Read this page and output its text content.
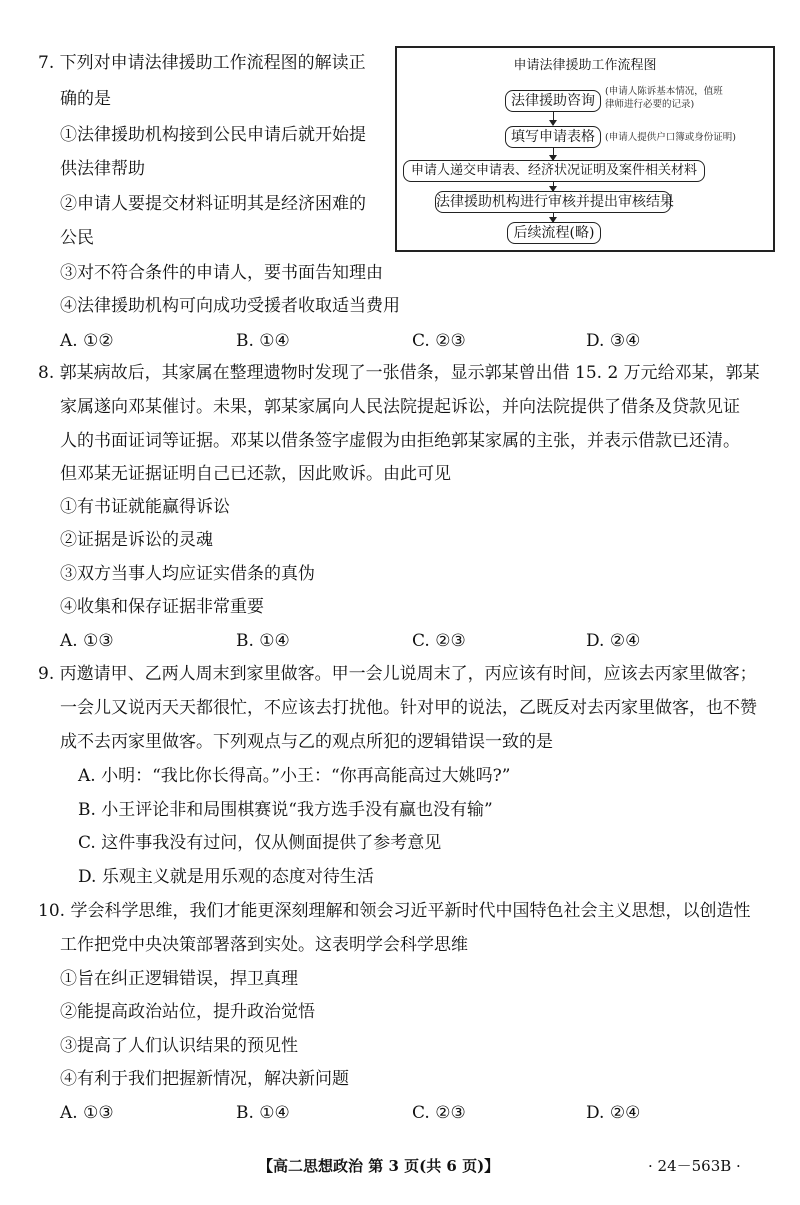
7. 下列对申请法律援助工作流程图的解读正
确的是
①法律援助机构接到公民申请后就开始提
供法律帮助
②申请人要提交材料证明其是经济困难的
公民
③对不符合条件的申请人，要书面告知理由
④法律援助机构可向成功受援者收取适当费用
A. ①②	B. ①④	C. ②③	D. ③④
申请法律援助工作流程图
法律援助咨询
(申请人陈诉基本情况，值班
律师进行必要的记录)
填写申请表格	(申请人提供户口簿或身份证明)
申请人递交申请表、经济状况证明及案件相关材料
法律援助机构进行审核并提出审核结果
后续流程(略)
8. 郭某病故后，其家属在整理遗物时发现了一张借条，显示郭某曾出借 15. 2 万元给邓某，郭某
家属遂向邓某催讨。未果，郭某家属向人民法院提起诉讼，并向法院提供了借条及贷款见证
人的书面证词等证据。邓某以借条签字虚假为由拒绝郭某家属的主张，并表示借款已还清。
但邓某无证据证明自己已还款，因此败诉。由此可见
①有书证就能赢得诉讼
②证据是诉讼的灵魂
③双方当事人均应证实借条的真伪
④收集和保存证据非常重要
A. ①③	B. ①④	C. ②③	D. ②④
9. 丙邀请甲、乙两人周末到家里做客。甲一会儿说周末了，丙应该有时间，应该去丙家里做客；
一会儿又说丙天天都很忙，不应该去打扰他。针对甲的说法，乙既反对去丙家里做客，也不赞
成不去丙家里做客。下列观点与乙的观点所犯的逻辑错误一致的是
A. 小明：“我比你长得高。”小王：“你再高能高过大姚吗?”
B. 小王评论非和局围棋赛说“我方选手没有赢也没有输”
C. 这件事我没有过问，仅从侧面提供了参考意见
D. 乐观主义就是用乐观的态度对待生活
10. 学会科学思维，我们才能更深刻理解和领会习近平新时代中国特色社会主义思想，以创造性
工作把党中央决策部署落到实处。这表明学会科学思维
①旨在纠正逻辑错误，捍卫真理
②能提高政治站位，提升政治觉悟
③提高了人们认识结果的预见性
④有利于我们把握新情况，解决新问题
A. ①③	B. ①④	C. ②③	D. ②④
【高二思想政治 第 3 页(共 6 页)】	· 24－563B ·
